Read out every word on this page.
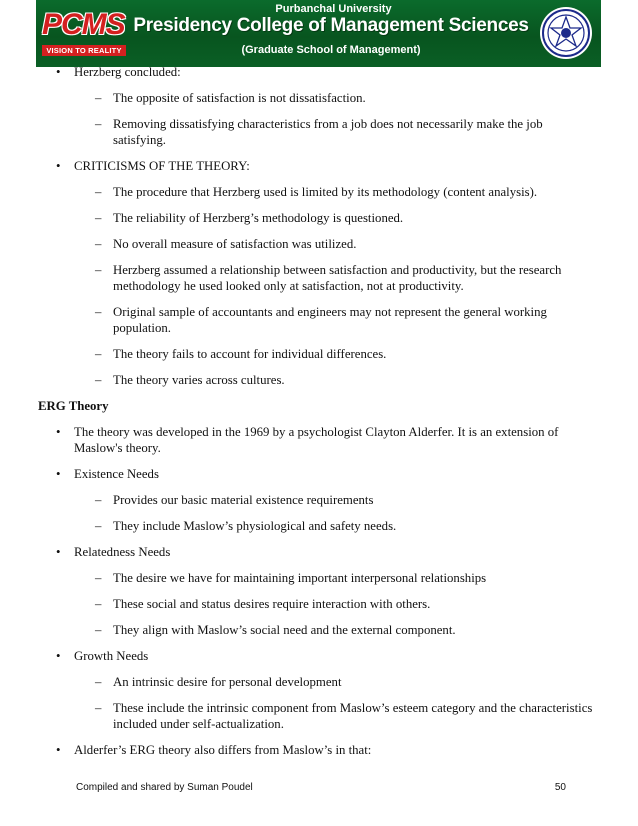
PCMS
VISION TO REALITY
Purbanchal University
Presidency College of Management Sciences
(Graduate School of Management)
• Herzberg concluded:
– The opposite of satisfaction is not dissatisfaction.
– Removing dissatisfying characteristics from a job does not necessarily make the job satisfying.
• CRITICISMS OF THE THEORY:
– The procedure that Herzberg used is limited by its methodology (content analysis).
– The reliability of Herzberg’s methodology is questioned.
– No overall measure of satisfaction was utilized.
– Herzberg assumed a relationship between satisfaction and productivity, but the research methodology he used looked only at satisfaction, not at productivity.
– Original sample of accountants and engineers may not represent the general working population.
– The theory fails to account for individual differences.
– The theory varies across cultures.
ERG Theory
• The theory was developed in the 1969 by a psychologist Clayton Alderfer. It is an extension of Maslow's theory.
• Existence Needs
– Provides our basic material existence requirements
– They include Maslow’s physiological and safety needs.
• Relatedness Needs
– The desire we have for maintaining important interpersonal relationships
– These social and status desires require interaction with others.
– They align with Maslow’s social need and the external component.
• Growth Needs
– An intrinsic desire for personal development
– These include the intrinsic component from Maslow’s esteem category and the characteristics included under self-actualization.
• Alderfer’s ERG theory also differs from Maslow’s in that:
Compiled and shared by Suman Poudel	50
